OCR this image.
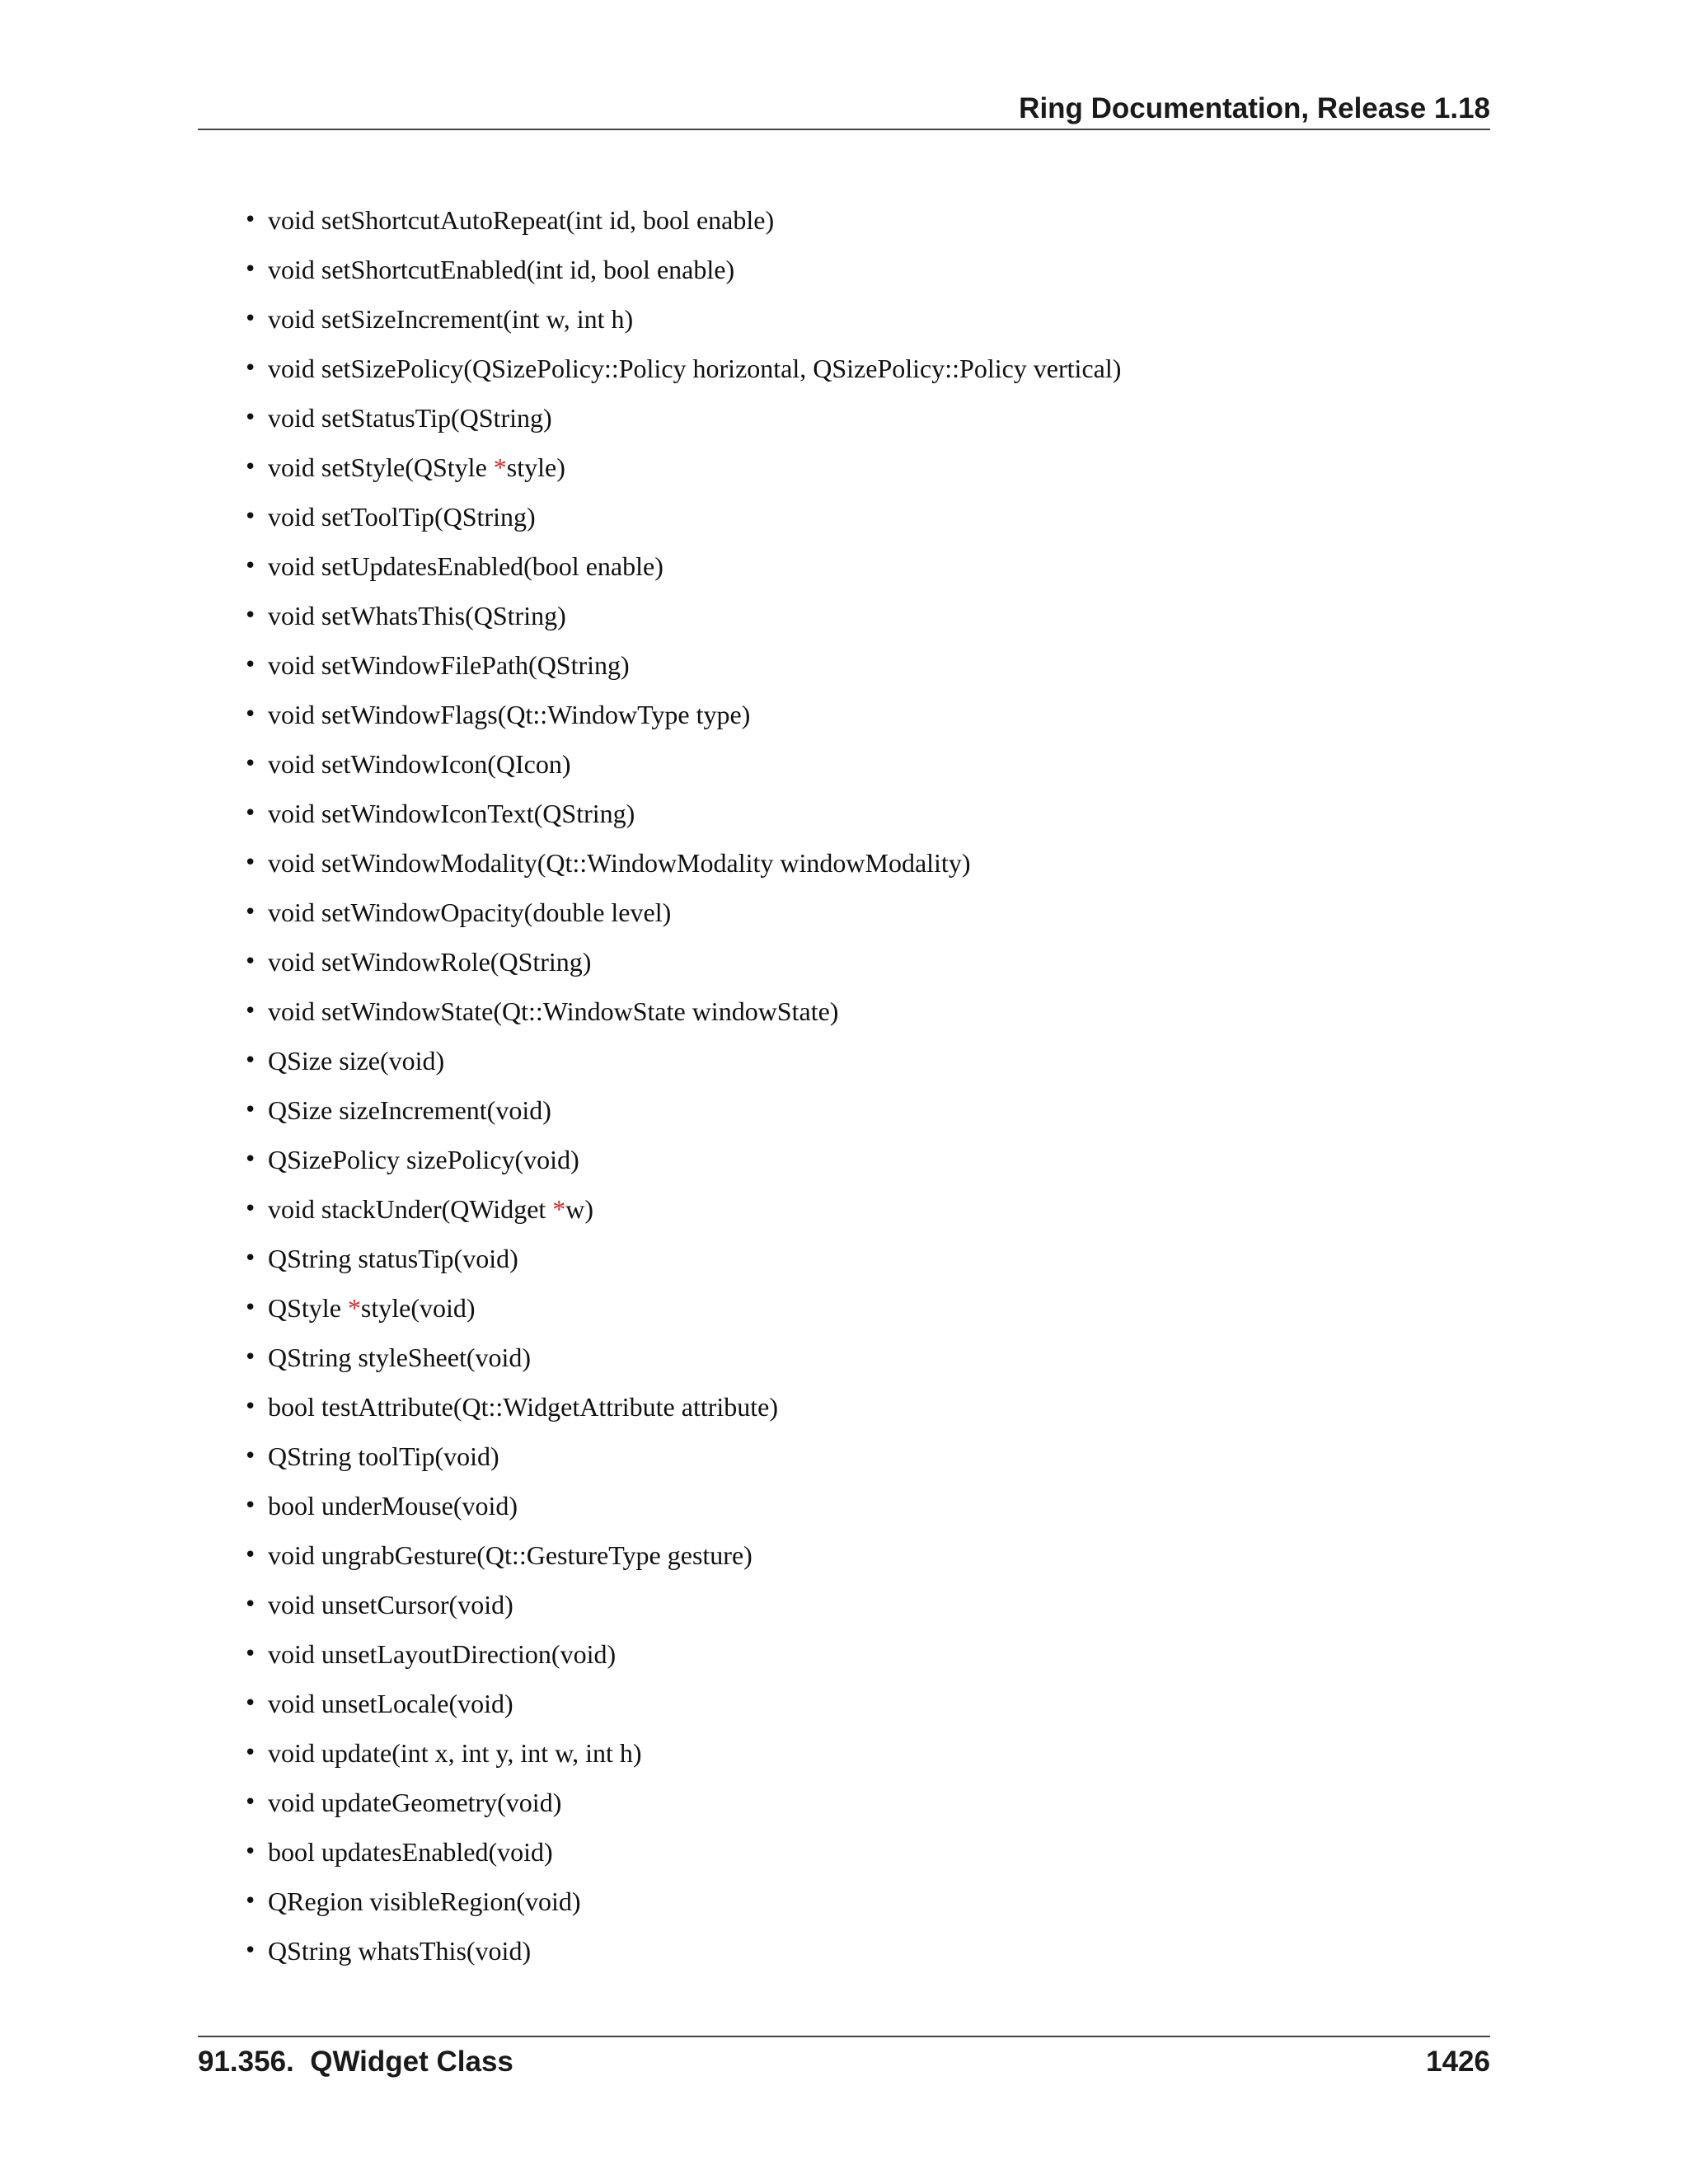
Ring Documentation, Release 1.18
• void setShortcutAutoRepeat(int id, bool enable)
• void setShortcutEnabled(int id, bool enable)
• void setSizeIncrement(int w, int h)
• void setSizePolicy(QSizePolicy::Policy horizontal, QSizePolicy::Policy vertical)
• void setStatusTip(QString)
• void setStyle(QStyle *style)
• void setToolTip(QString)
• void setUpdatesEnabled(bool enable)
• void setWhatsThis(QString)
• void setWindowFilePath(QString)
• void setWindowFlags(Qt::WindowType type)
• void setWindowIcon(QIcon)
• void setWindowIconText(QString)
• void setWindowModality(Qt::WindowModality windowModality)
• void setWindowOpacity(double level)
• void setWindowRole(QString)
• void setWindowState(Qt::WindowState windowState)
• QSize size(void)
• QSize sizeIncrement(void)
• QSizePolicy sizePolicy(void)
• void stackUnder(QWidget *w)
• QString statusTip(void)
• QStyle *style(void)
• QString styleSheet(void)
• bool testAttribute(Qt::WidgetAttribute attribute)
• QString toolTip(void)
• bool underMouse(void)
• void ungrabGesture(Qt::GestureType gesture)
• void unsetCursor(void)
• void unsetLayoutDirection(void)
• void unsetLocale(void)
• void update(int x, int y, int w, int h)
• void updateGeometry(void)
• bool updatesEnabled(void)
• QRegion visibleRegion(void)
• QString whatsThis(void)
91.356.  QWidget Class	1426
